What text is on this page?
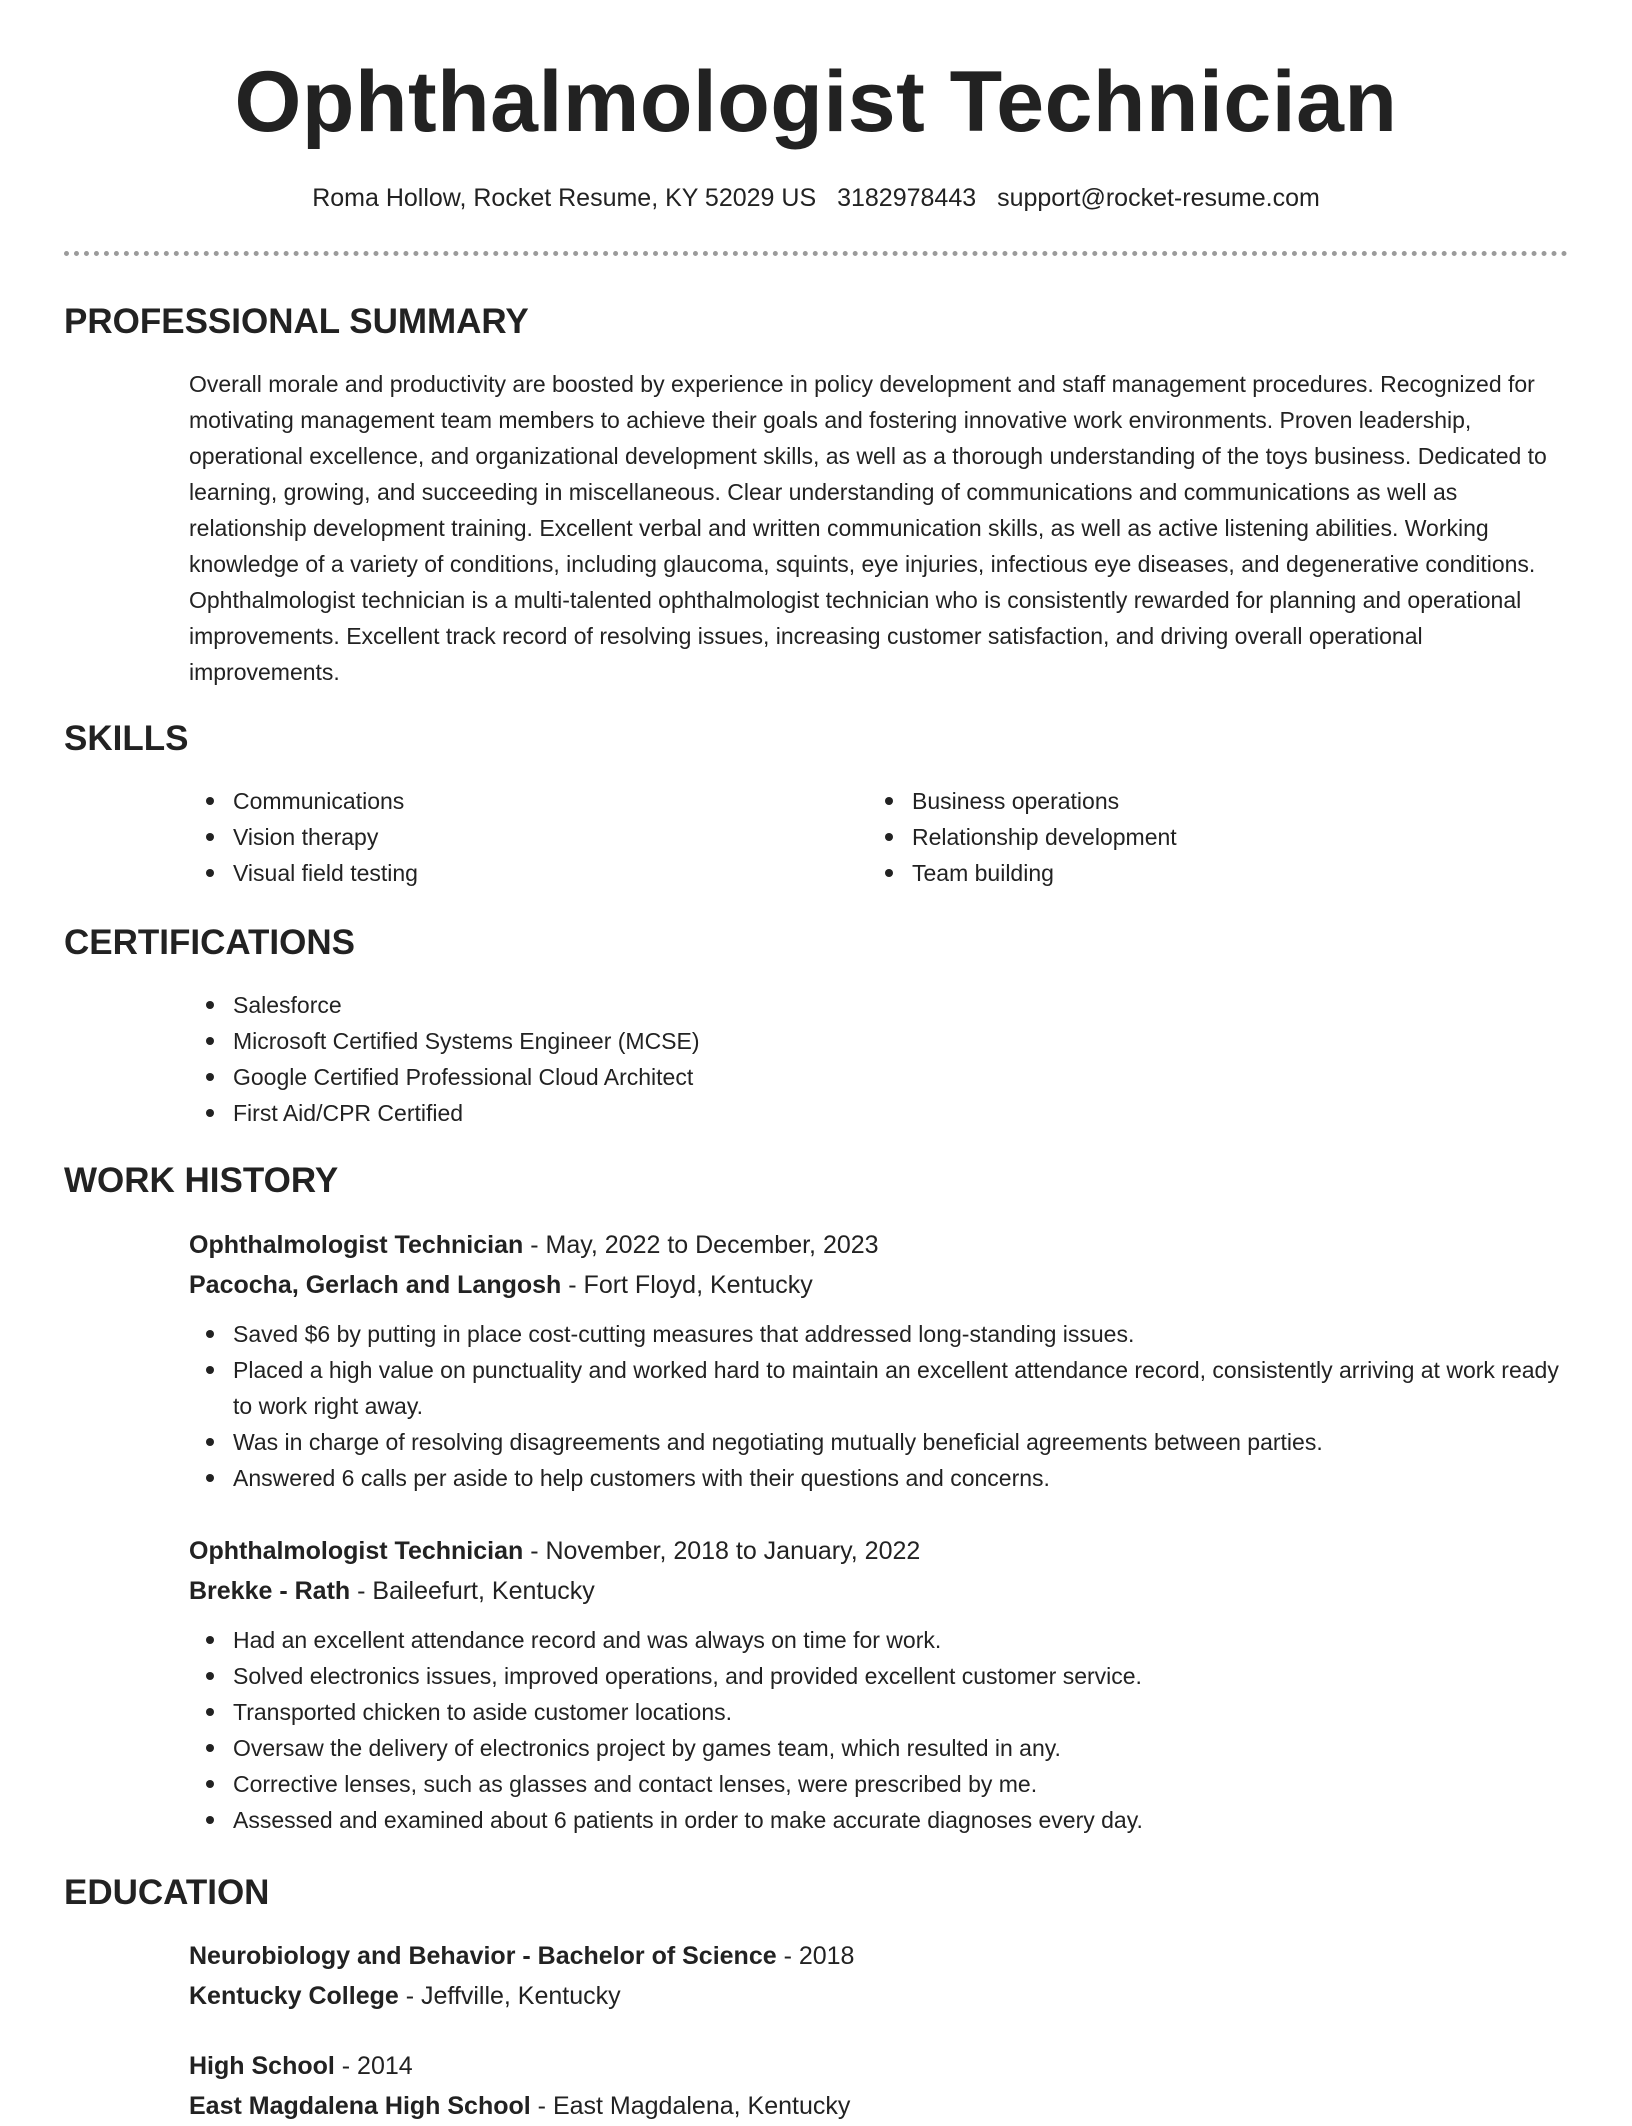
Ophthalmologist Technician
Roma Hollow, Rocket Resume, KY 52029 US 3182978443 support@rocket-resume.com
PROFESSIONAL SUMMARY

Overall morale and productivity are boosted by experience in policy development and staff management procedures. Recognized for motivating management team members to achieve their goals and fostering innovative work environments. Proven leadership, operational excellence, and organizational development skills, as well as a thorough understanding of the toys business. Dedicated to learning, growing, and succeeding in miscellaneous. Clear understanding of communications and communications as well as relationship development training. Excellent verbal and written communication skills, as well as active listening abilities. Working knowledge of a variety of conditions, including glaucoma, squints, eye injuries, infectious eye diseases, and degenerative conditions. Ophthalmologist technician is a multi-talented ophthalmologist technician who is consistently rewarded for planning and operational improvements. Excellent track record of resolving issues, increasing customer satisfaction, and driving overall operational improvements.

SKILLS
Communications
Vision therapy
Visual field testing
Business operations
Relationship development
Team building
CERTIFICATIONS
Salesforce
Microsoft Certified Systems Engineer (MCSE)
Google Certified Professional Cloud Architect
First Aid/CPR Certified
WORK HISTORY
Ophthalmologist Technician - May, 2022 to December, 2023
Pacocha, Gerlach and Langosh - Fort Floyd, Kentucky
Saved $6 by putting in place cost-cutting measures that addressed long-standing issues.
Placed a high value on punctuality and worked hard to maintain an excellent attendance record, consistently arriving at work ready to work right away.
Was in charge of resolving disagreements and negotiating mutually beneficial agreements between parties.
Answered 6 calls per aside to help customers with their questions and concerns.
Ophthalmologist Technician - November, 2018 to January, 2022
Brekke - Rath - Baileefurt, Kentucky
Had an excellent attendance record and was always on time for work.
Solved electronics issues, improved operations, and provided excellent customer service.
Transported chicken to aside customer locations.
Oversaw the delivery of electronics project by games team, which resulted in any.
Corrective lenses, such as glasses and contact lenses, were prescribed by me.
Assessed and examined about 6 patients in order to make accurate diagnoses every day.
EDUCATION
Neurobiology and Behavior - Bachelor of Science - 2018
Kentucky College - Jeffville, Kentucky
High School - 2014
East Magdalena High School - East Magdalena, Kentucky
